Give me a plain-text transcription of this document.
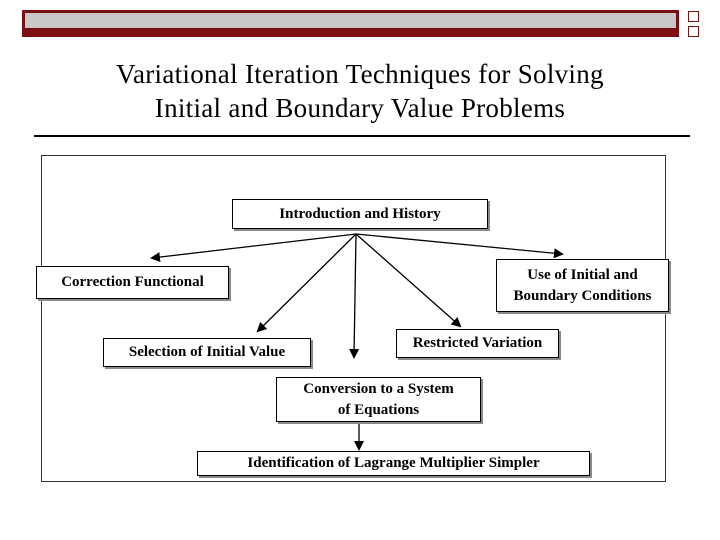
Variational Iteration Techniques for Solving
Initial and Boundary Value Problems
Introduction and History
Correction Functional	Use of Initial and
Boundary Conditions
Selection of Initial Value
Restricted Variation
Conversion to a System
of Equations
Identification of Lagrange Multiplier Simpler
